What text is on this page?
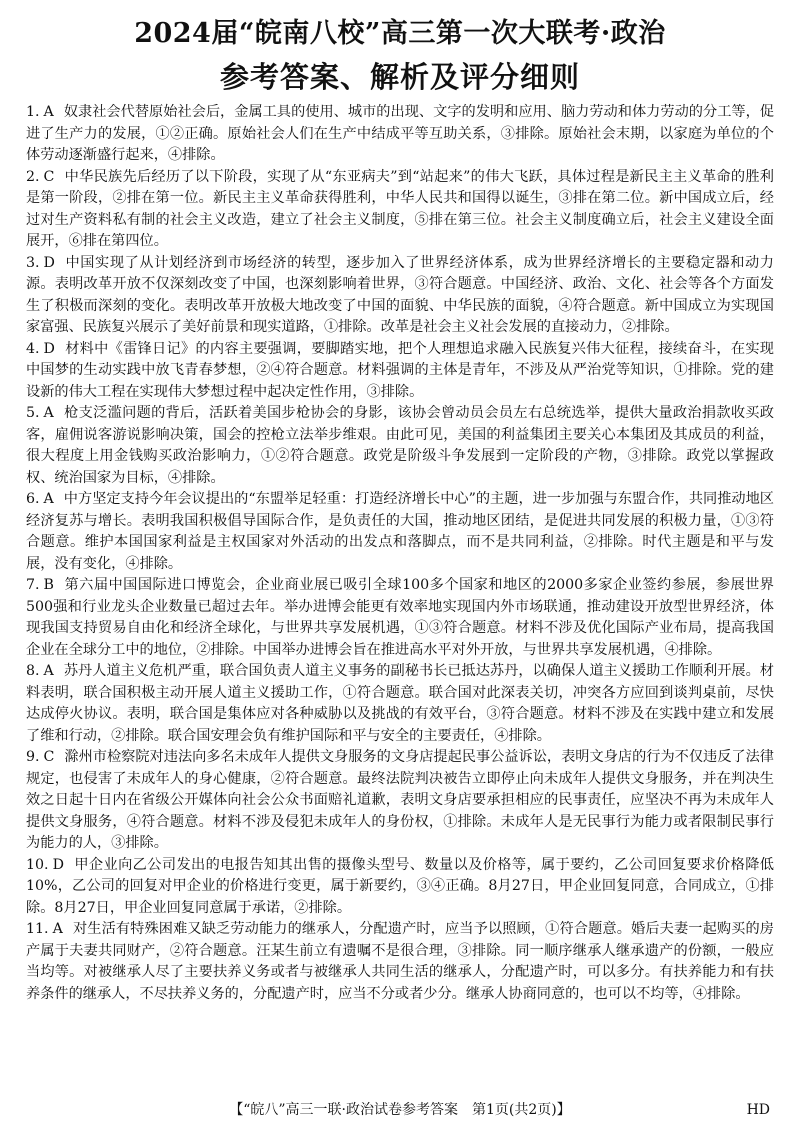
2024届“皖南八校”高三第一次大联考·政治
参考答案、解析及评分细则

1. A 奴隶社会代替原始社会后，金属工具的使用、城市的出现、文字的发明和应用、脑力劳动和体力劳动的分工等，促进了生产力的发展，①②正确。原始社会人们在生产中结成平等互助关系，③排除。原始社会末期，以家庭为单位的个体劳动逐渐盛行起来，④排除。

2. C 中华民族先后经历了以下阶段，实现了从“东亚病夫”到“站起来”的伟大飞跃，具体过程是新民主主义革命的胜利是第一阶段，②排在第一位。新民主主义革命获得胜利，中华人民共和国得以诞生，③排在第二位。新中国成立后，经过对生产资料私有制的社会主义改造，建立了社会主义制度，⑤排在第三位。社会主义制度确立后，社会主义建设全面展开，⑥排在第四位。

3. D 中国实现了从计划经济到市场经济的转型，逐步加入了世界经济体系，成为世界经济增长的主要稳定器和动力源。表明改革开放不仅深刻改变了中国，也深刻影响着世界，③符合题意。中国经济、政治、文化、社会等各个方面发生了积极而深刻的变化。表明改革开放极大地改变了中国的面貌、中华民族的面貌，④符合题意。新中国成立为实现国家富强、民族复兴展示了美好前景和现实道路，①排除。改革是社会主义社会发展的直接动力，②排除。

4. D 材料中《雷锋日记》的内容主要强调，要脚踏实地，把个人理想追求融入民族复兴伟大征程，接续奋斗，在实现中国梦的生动实践中放飞青春梦想，②④符合题意。材料强调的主体是青年，不涉及从严治党等知识，①排除。党的建设新的伟大工程在实现伟大梦想过程中起决定性作用，③排除。

5. A 枪支泛滥问题的背后，活跃着美国步枪协会的身影，该协会曾动员会员左右总统选举，提供大量政治捐款收买政客，雇佣说客游说影响决策，国会的控枪立法举步维艰。由此可见，美国的利益集团主要关心本集团及其成员的利益，很大程度上用金钱购买政治影响力，①②符合题意。政党是阶级斗争发展到一定阶段的产物，③排除。政党以掌握政权、统治国家为目标，④排除。

6. A 中方坚定支持今年会议提出的“东盟举足轻重：打造经济增长中心”的主题，进一步加强与东盟合作，共同推动地区经济复苏与增长。表明我国积极倡导国际合作，是负责任的大国，推动地区团结，是促进共同发展的积极力量，①③符合题意。维护本国国家利益是主权国家对外活动的出发点和落脚点，而不是共同利益，②排除。时代主题是和平与发展，没有变化，④排除。

7. B 第六届中国国际进口博览会，企业商业展已吸引全球100多个国家和地区的2000多家企业签约参展，参展世界500强和行业龙头企业数量已超过去年。举办进博会能更有效率地实现国内外市场联通，推动建设开放型世界经济，体现我国支持贸易自由化和经济全球化，与世界共享发展机遇，①③符合题意。材料不涉及优化国际产业布局，提高我国企业在全球分工中的地位，②排除。中国举办进博会旨在推进高水平对外开放，与世界共享发展机遇，④排除。

8. A 苏丹人道主义危机严重，联合国负责人道主义事务的副秘书长已抵达苏丹，以确保人道主义援助工作顺利开展。材料表明，联合国积极主动开展人道主义援助工作，①符合题意。联合国对此深表关切，冲突各方应回到谈判桌前，尽快达成停火协议。表明，联合国是集体应对各种威胁以及挑战的有效平台，③符合题意。材料不涉及在实践中建立和发展了维和行动，②排除。联合国安理会负有维护国际和平与安全的主要责任，④排除。

9. C 滁州市检察院对违法向多名未成年人提供文身服务的文身店提起民事公益诉讼，表明文身店的行为不仅违反了法律规定，也侵害了未成年人的身心健康，②符合题意。最终法院判决被告立即停止向未成年人提供文身服务，并在判决生效之日起十日内在省级公开媒体向社会公众书面赔礼道歉，表明文身店要承担相应的民事责任，应坚决不再为未成年人提供文身服务，④符合题意。材料不涉及侵犯未成年人的身份权，①排除。未成年人是无民事行为能力或者限制民事行为能力的人，③排除。

10. D 甲企业向乙公司发出的电报告知其出售的摄像头型号、数量以及价格等，属于要约，乙公司回复要求价格降低10%，乙公司的回复对甲企业的价格进行变更，属于新要约，③④正确。8月27日，甲企业回复同意，合同成立，①排除。8月27日，甲企业回复同意属于承诺，②排除。

11. A 对生活有特殊困难又缺乏劳动能力的继承人，分配遗产时，应当予以照顾，①符合题意。婚后夫妻一起购买的房产属于夫妻共同财产，②符合题意。汪某生前立有遗嘱不是很合理，③排除。同一顺序继承人继承遗产的份额，一般应当均等。对被继承人尽了主要扶养义务或者与被继承人共同生活的继承人，分配遗产时，可以多分。有扶养能力和有扶养条件的继承人，不尽扶养义务的，分配遗产时，应当不分或者少分。继承人协商同意的，也可以不均等，④排除。

【“皖八”高三一联·政治试卷参考答案　第1页(共2页)】	HD
